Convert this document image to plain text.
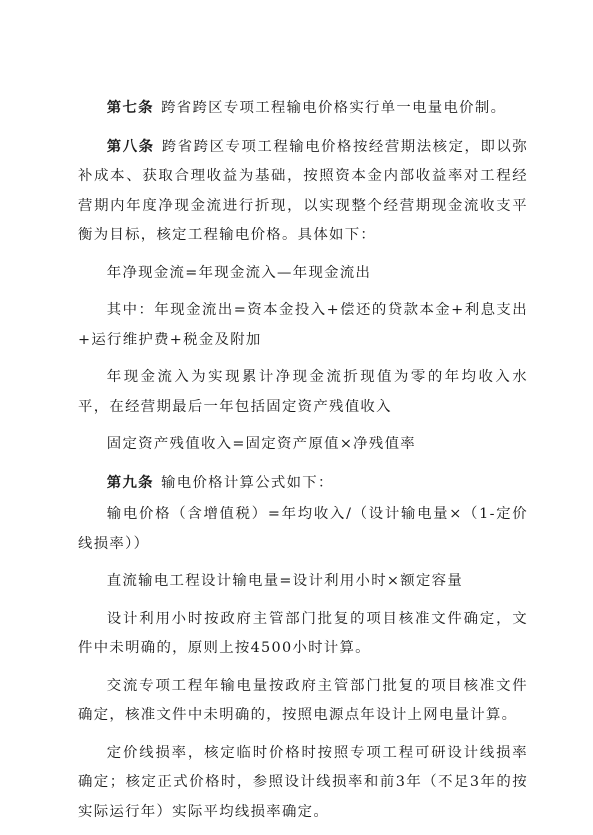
第七条 跨省跨区专项工程输电价格实行单一电量电价制。

第八条 跨省跨区专项工程输电价格按经营期法核定，即以弥补成本、获取合理收益为基础，按照资本金内部收益率对工程经营期内年度净现金流进行折现，以实现整个经营期现金流收支平衡为目标，核定工程输电价格。具体如下：

年净现金流=年现金流入—年现金流出

其中：年现金流出=资本金投入+偿还的贷款本金+利息支出+运行维护费+税金及附加

年现金流入为实现累计净现金流折现值为零的年均收入水平，在经营期最后一年包括固定资产残值收入

固定资产残值收入=固定资产原值×净残值率

第九条 输电价格计算公式如下：

输电价格（含增值税）=年均收入/（设计输电量×（1-定价线损率））

直流输电工程设计输电量=设计利用小时×额定容量

设计利用小时按政府主管部门批复的项目核准文件确定，文件中未明确的，原则上按4500小时计算。

交流专项工程年输电量按政府主管部门批复的项目核准文件确定，核准文件中未明确的，按照电源点年设计上网电量计算。

定价线损率，核定临时价格时按照专项工程可研设计线损率确定；核定正式价格时，参照设计线损率和前3年（不足3年的按实际运行年）实际平均线损率确定。
